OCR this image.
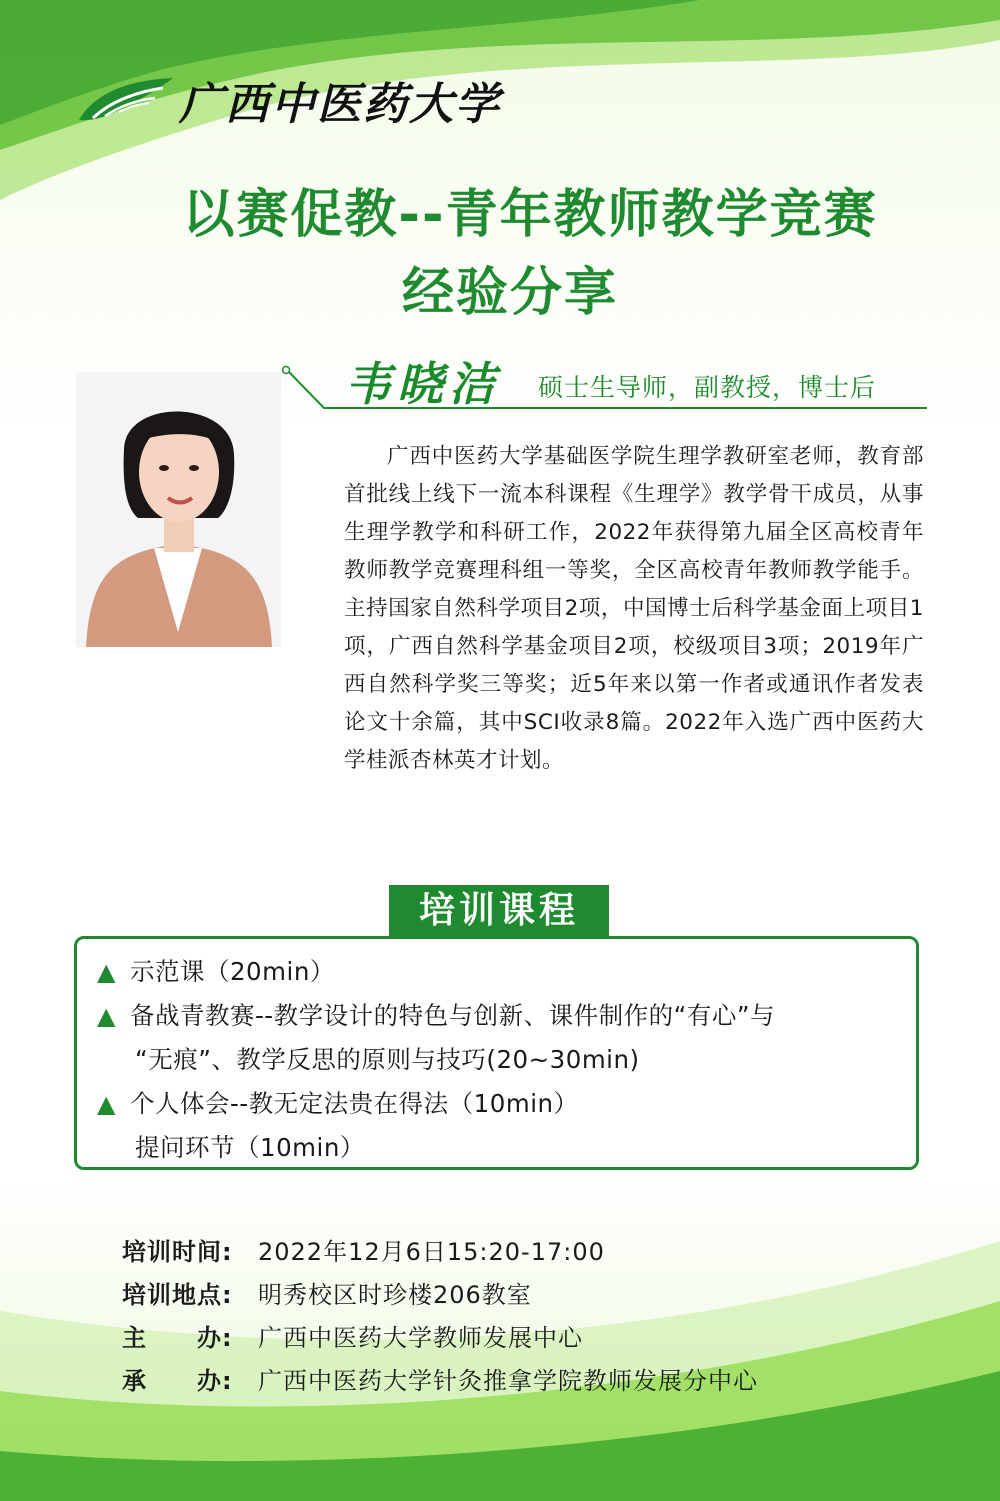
广西中医药大学
以赛促教--青年教师教学竞赛
经验分享
韦晓洁 硕士生导师，副教授，博士后

广西中医药大学基础医学院生理学教研室老师，教育部首批线上线下一流本科课程《生理学》教学骨干成员，从事生理学教学和科研工作，2022年获得第九届全区高校青年教师教学竞赛理科组一等奖，全区高校青年教师教学能手。主持国家自然科学项目2项，中国博士后科学基金面上项目1项，广西自然科学基金项目2项，校级项目3项；2019年广西自然科学奖三等奖；近5年来以第一作者或通讯作者发表论文十余篇，其中SCI收录8篇。2022年入选广西中医药大学桂派杏林英才计划。

培训课程
▲ 示范课（20min）
▲ 备战青教赛--教学设计的特色与创新、课件制作的“有心”与
“无痕”、教学反思的原则与技巧(20~30min)
▲ 个人体会--教无定法贵在得法（10min）
提问环节（10min）
培训时间: 2022年12月6日15:20-17:00
培训地点: 明秀校区时珍楼206教室
主　　办: 广西中医药大学教师发展中心
承　　办: 广西中医药大学针灸推拿学院教师发展分中心
